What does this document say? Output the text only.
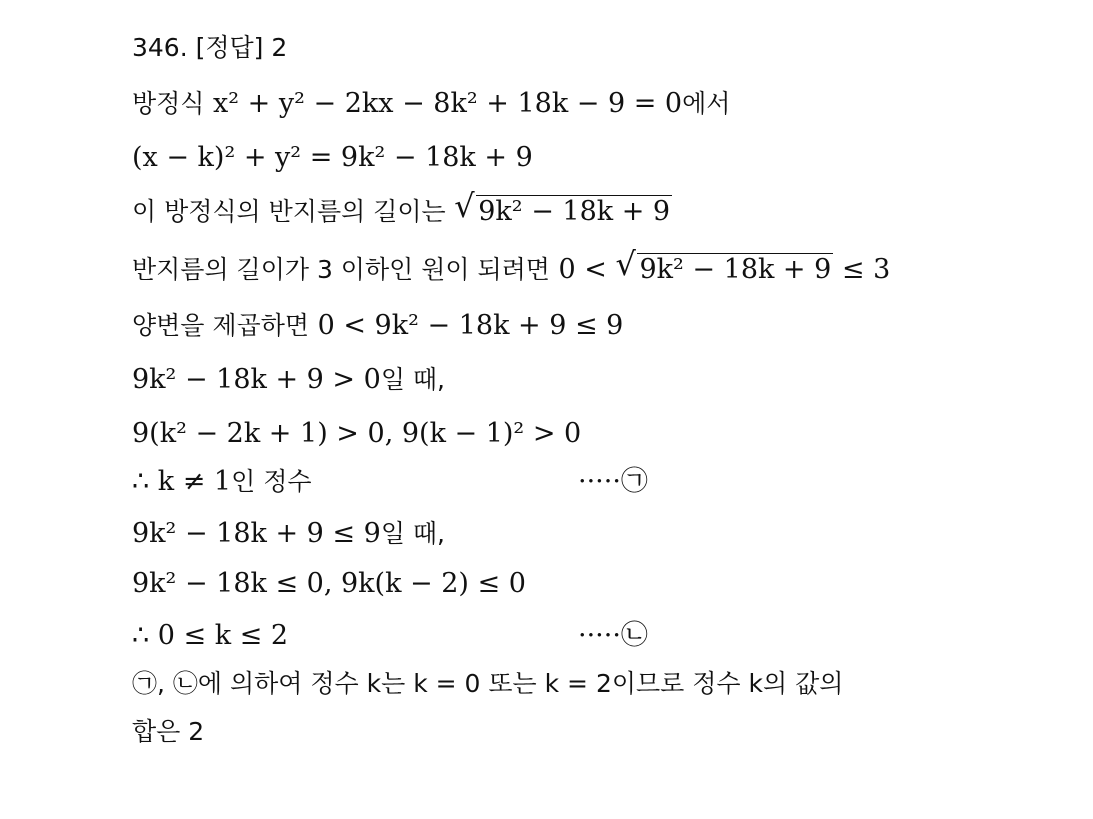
346. [정답] 2
방정식 x² + y² − 2kx − 8k² + 18k − 9 = 0에서
(x − k)² + y² = 9k² − 18k + 9
이 방정식의 반지름의 길이는 √ 9k² − 18k + 9
반지름의 길이가 3 이하인 원이 되려면 0 < √ 9k² − 18k + 9 ≤ 3
양변을 제곱하면 0 < 9k² − 18k + 9 ≤ 9
9k² − 18k + 9 > 0일 때,
9(k² − 2k + 1) > 0, 9(k − 1)² > 0
∴ k ≠ 1인 정수	·····㉠
9k² − 18k + 9 ≤ 9일 때,
9k² − 18k ≤ 0, 9k(k − 2) ≤ 0
∴ 0 ≤ k ≤ 2	·····㉡
㉠, ㉡에 의하여 정수 k는 k = 0 또는 k = 2이므로 정수 k의 값의
합은 2
